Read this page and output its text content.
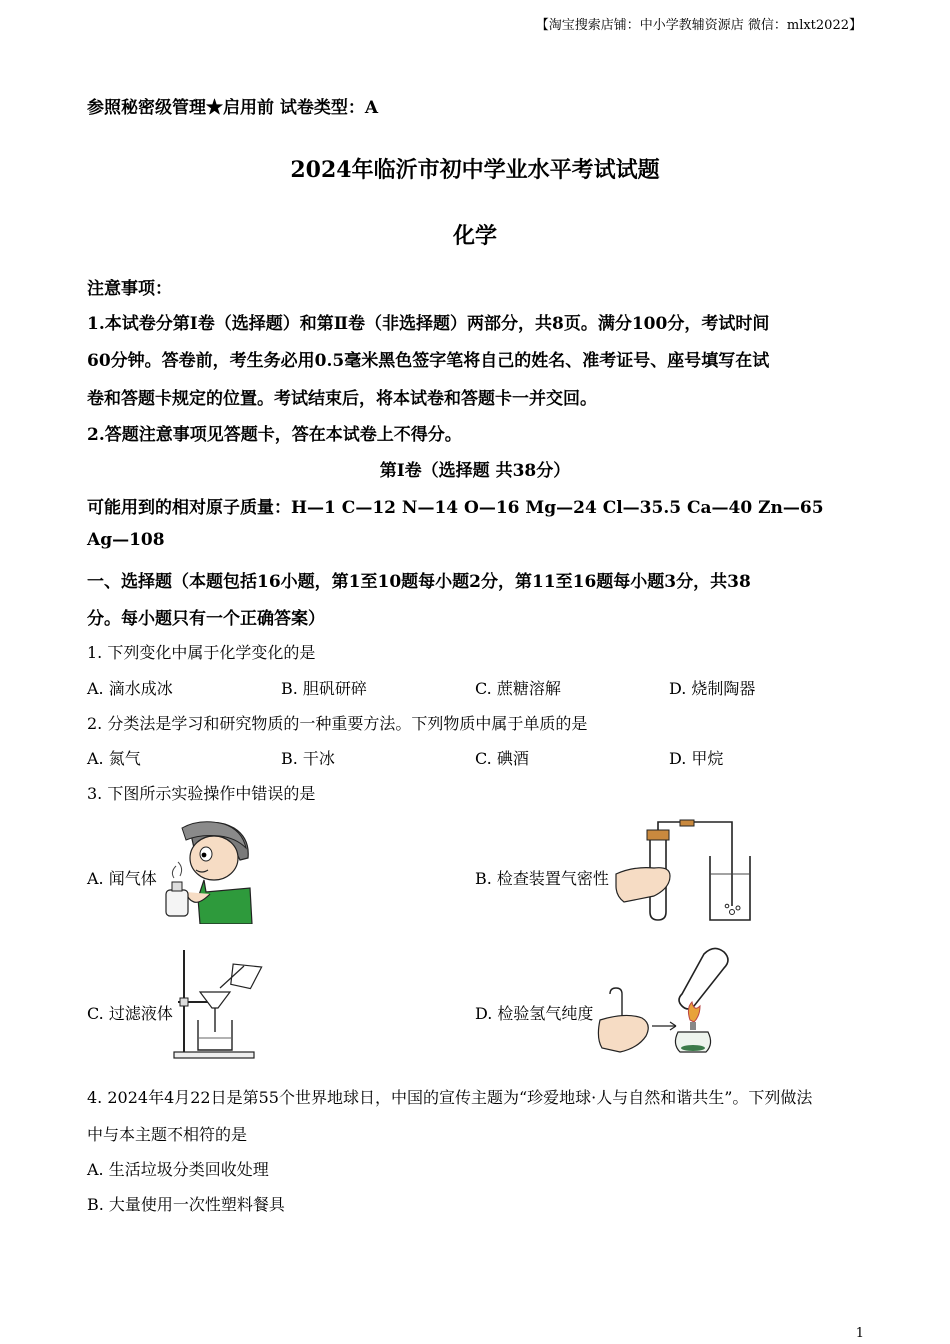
【淘宝搜索店铺：中小学教辅资源店 微信：mlxt2022】
参照秘密级管理★启用前 试卷类型：A
2024年临沂市初中学业水平考试试题
化学
注意事项：
1.本试卷分第Ⅰ卷（选择题）和第Ⅱ卷（非选择题）两部分，共8页。满分100分，考试时间
60分钟。答卷前，考生务必用0.5毫米黑色签字笔将自己的姓名、准考证号、座号填写在试
卷和答题卡规定的位置。考试结束后，将本试卷和答题卡一并交回。
2.答题注意事项见答题卡，答在本试卷上不得分。
第Ⅰ卷（选择题 共38分）
可能用到的相对原子质量：H—1 C—12 N—14 O—16 Mg—24 Cl—35.5 Ca—40 Zn—65
Ag—108
一、选择题（本题包括16小题，第1至10题每小题2分，第11至16题每小题3分，共38
分。每小题只有一个正确答案）
1. 下列变化中属于化学变化的是
A. 滴水成冰	B. 胆矾研碎	C. 蔗糖溶解	D. 烧制陶器
2. 分类法是学习和研究物质的一种重要方法。下列物质中属于单质的是
A. 氮气	B. 干冰	C. 碘酒	D. 甲烷
3. 下图所示实验操作中错误的是
A. 闻气体	B. 检查装置气密性
C. 过滤液体	D. 检验氢气纯度
4. 2024年4月22日是第55个世界地球日，中国的宣传主题为“珍爱地球·人与自然和谐共生”。下列做法
中与本主题不相符的是
A. 生活垃圾分类回收处理
B. 大量使用一次性塑料餐具
1
